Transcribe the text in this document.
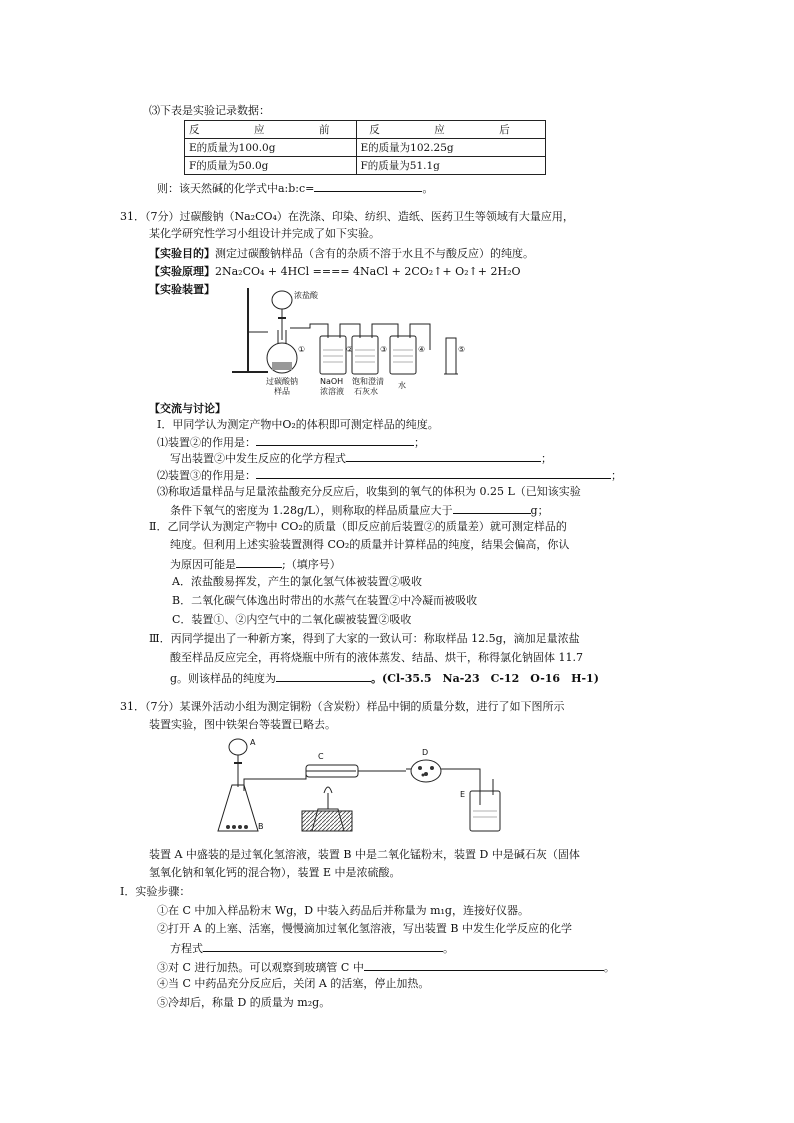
⑶下表是实验记录数据：
反　应　前	反　应　后
E的质量为100.0g	E的质量为102.25g
F的质量为50.0g	F的质量为51.1g
则：该天然碱的化学式中a:b:c=	。
31．（7分）过碳酸钠（Na₂CO₄）在洗涤、印染、纺织、造纸、医药卫生等领域有大量应用，
某化学研究性学习小组设计并完成了如下实验。
【实验目的】测定过碳酸钠样品（含有的杂质不溶于水且不与酸反应）的纯度。
【实验原理】2Na₂CO₄ + 4HCl ==== 4NaCl + 2CO₂↑+ O₂↑+ 2H₂O
【实验装置】	浓盐酸
①	②	③	④	⑤
过碳酸钠
样品
NaOH
浓溶液
饱和澄清
石灰水
水
【交流与讨论】
Ⅰ．甲同学认为测定产物中O₂的体积即可测定样品的纯度。
⑴装置②的作用是：	；
写出装置②中发生反应的化学方程式	；
⑵装置③的作用是：	；
⑶称取适量样品与足量浓盐酸充分反应后，收集到的氧气的体积为 0.25 L（已知该实验
条件下氧气的密度为 1.28g/L），则称取的样品质量应大于	g；
Ⅱ．乙同学认为测定产物中 CO₂的质量（即反应前后装置②的质量差）就可测定样品的
纯度。但利用上述实验装置测得 CO₂的质量并计算样品的纯度，结果会偏高，你认
为原因可能是	;（填序号）
A．浓盐酸易挥发，产生的氯化氢气体被装置②吸收
B．二氧化碳气体逸出时带出的水蒸气在装置②中冷凝而被吸收
C．装置①、②内空气中的二氧化碳被装置②吸收
Ⅲ．丙同学提出了一种新方案，得到了大家的一致认可：称取样品 12.5g，滴加足量浓盐
酸至样品反应完全，再将烧瓶中所有的液体蒸发、结晶、烘干，称得氯化钠固体 11.7
g。则该样品的纯度为	。(Cl-35.5　Na-23　C-12　O-16　H-1)
31．（7分）某课外活动小组为测定铜粉（含炭粉）样品中铜的质量分数，进行了如下图所示
装置实验，图中铁架台等装置已略去。
A
B
C	D
E
装置 A 中盛装的是过氧化氢溶液，装置 B 中是二氧化锰粉末，装置 D 中是碱石灰（固体
氢氧化钠和氧化钙的混合物），装置 E 中是浓硫酸。
Ⅰ．实验步骤：
①在 C 中加入样品粉末 Wg，D 中装入药品后并称量为 m₁g，连接好仪器。
②打开 A 的上塞、活塞，慢慢滴加过氧化氢溶液，写出装置 B 中发生化学反应的化学
方程式	。
③对 C 进行加热。可以观察到玻璃管 C 中	。
④当 C 中药品充分反应后，关闭 A 的活塞，停止加热。
⑤冷却后，称量 D 的质量为 m₂g。
